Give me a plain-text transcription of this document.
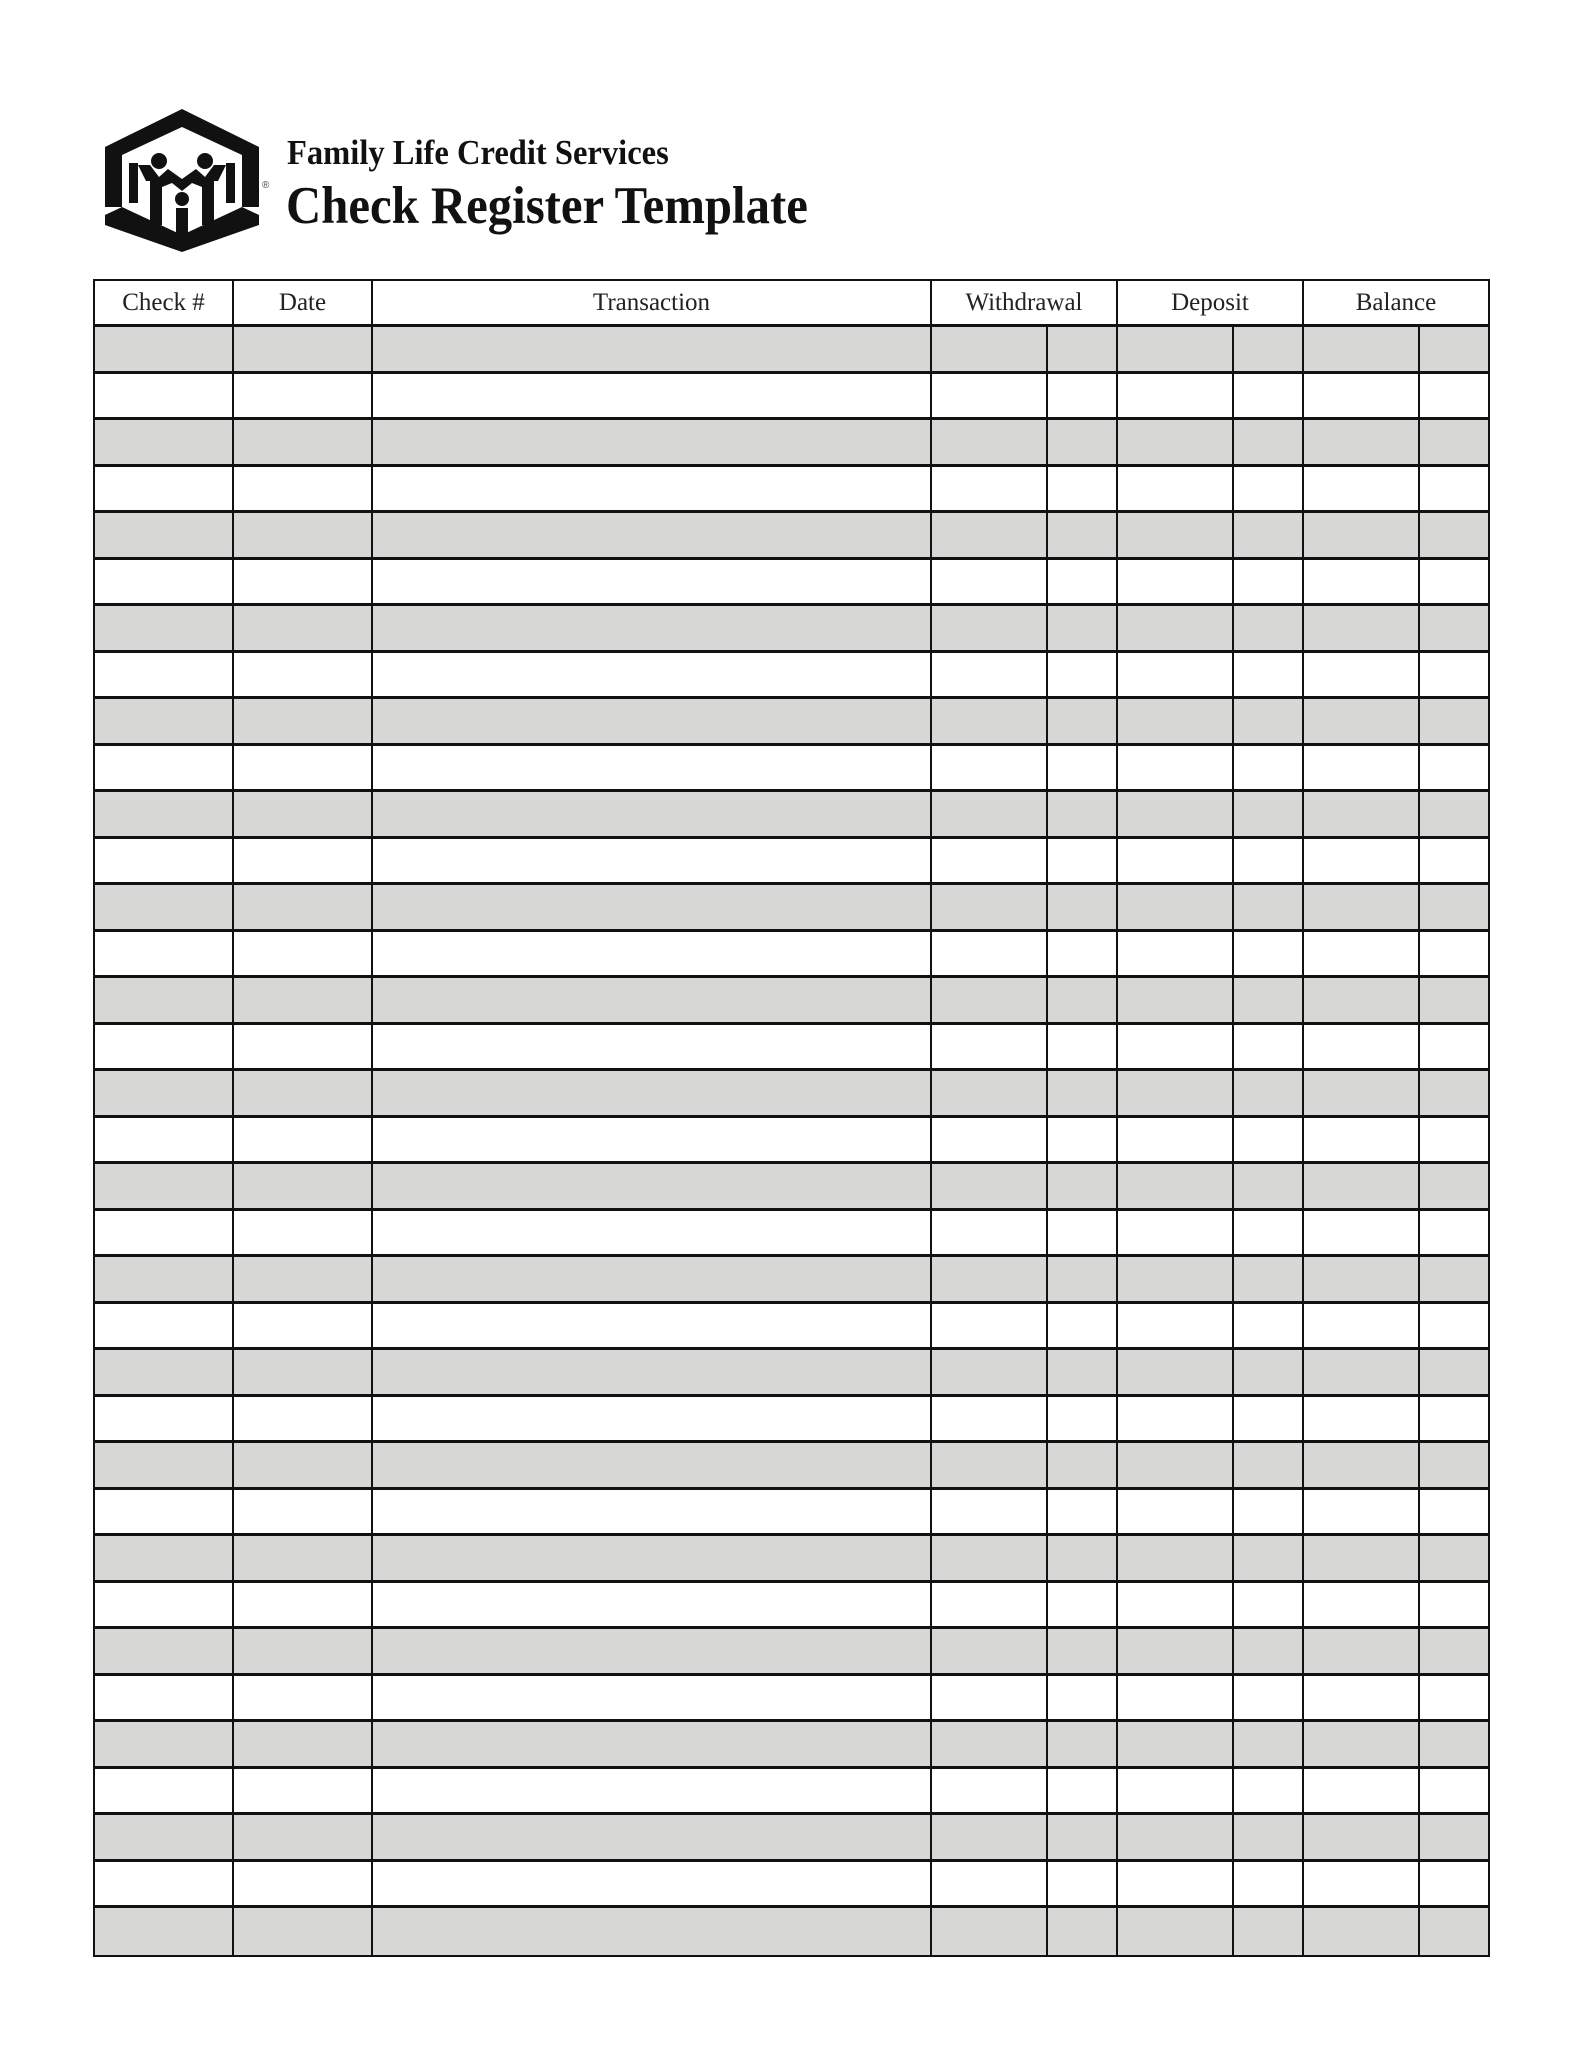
®
Family Life Credit Services
Check Register Template
Check #	Date	Transaction	Withdrawal	Deposit	Balance
